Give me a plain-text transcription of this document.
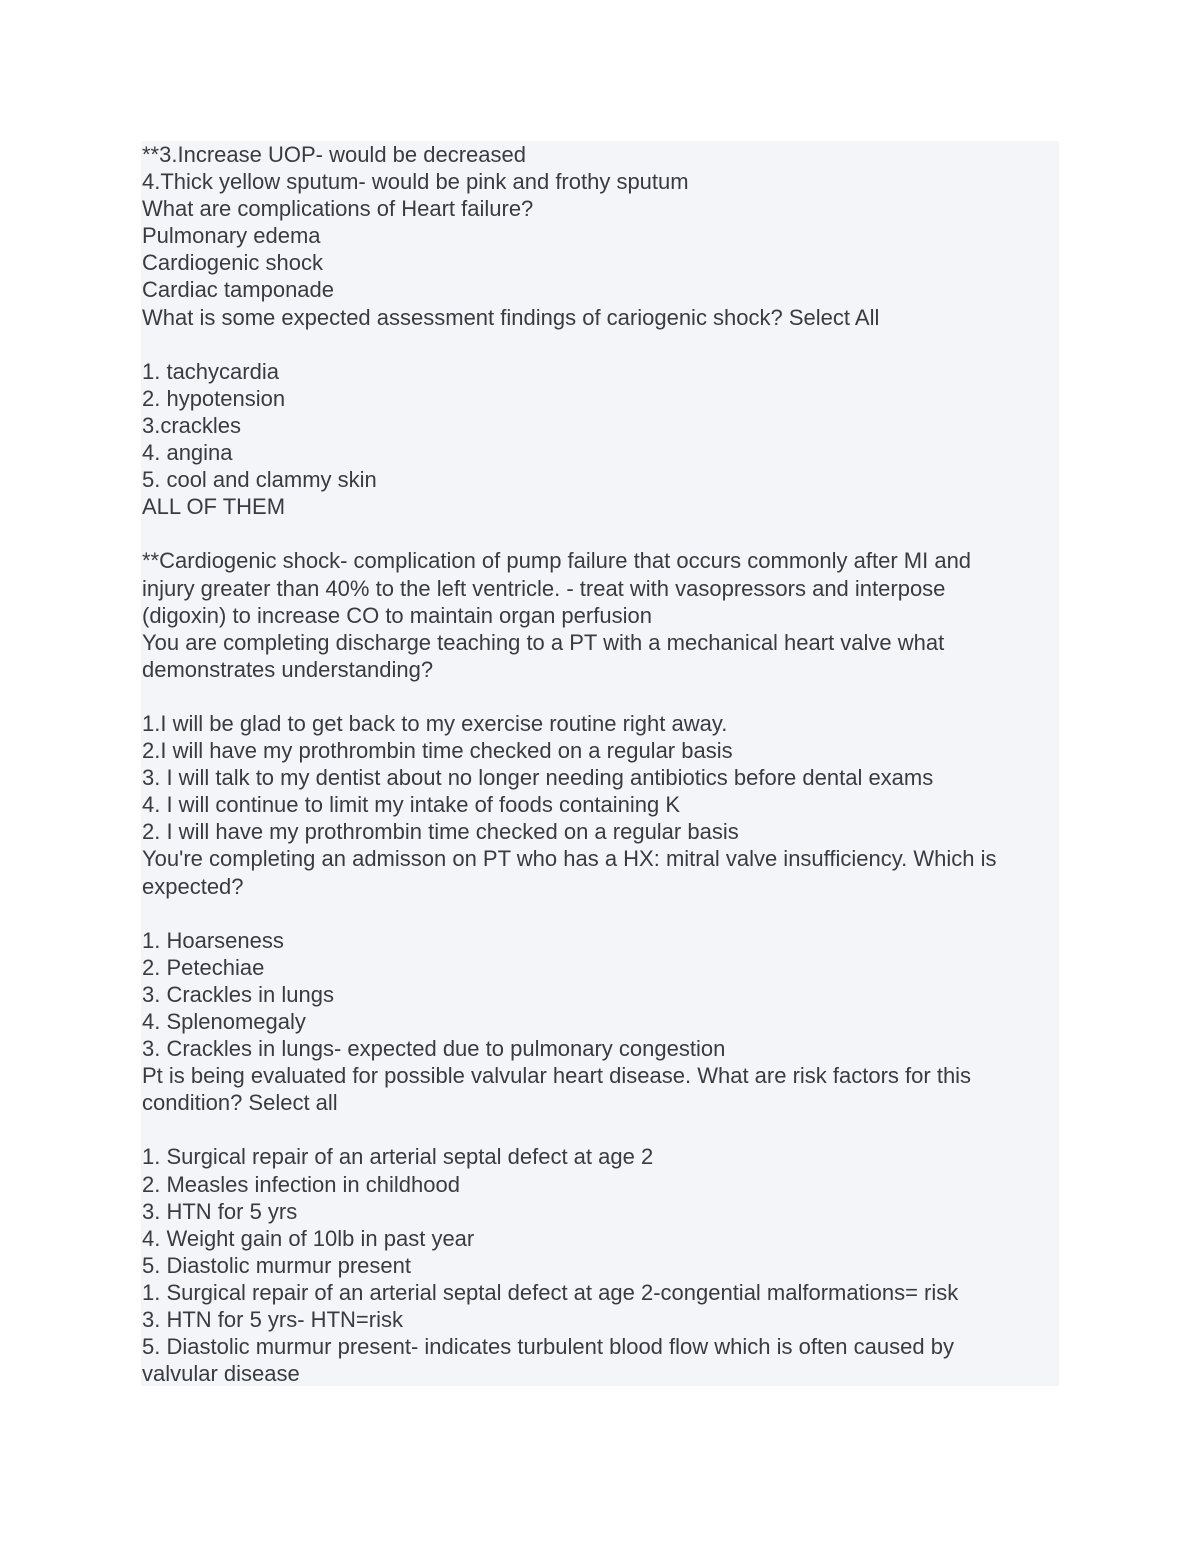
**3.Increase UOP- would be decreased
4.Thick yellow sputum- would be pink and frothy sputum
What are complications of Heart failure?
Pulmonary edema
Cardiogenic shock
Cardiac tamponade
What is some expected assessment findings of cariogenic shock? Select All
1. tachycardia
2. hypotension
3.crackles
4. angina
5. cool and clammy skin
ALL OF THEM
**Cardiogenic shock- complication of pump failure that occurs commonly after MI and
injury greater than 40% to the left ventricle. - treat with vasopressors and interpose
(digoxin) to increase CO to maintain organ perfusion
You are completing discharge teaching to a PT with a mechanical heart valve what
demonstrates understanding?
1.I will be glad to get back to my exercise routine right away.
2.I will have my prothrombin time checked on a regular basis
3. I will talk to my dentist about no longer needing antibiotics before dental exams
4. I will continue to limit my intake of foods containing K
2. I will have my prothrombin time checked on a regular basis
You're completing an admisson on PT who has a HX: mitral valve insufficiency. Which is
expected?
1. Hoarseness
2. Petechiae
3. Crackles in lungs
4. Splenomegaly
3. Crackles in lungs- expected due to pulmonary congestion
Pt is being evaluated for possible valvular heart disease. What are risk factors for this
condition? Select all
1. Surgical repair of an arterial septal defect at age 2
2. Measles infection in childhood
3. HTN for 5 yrs
4. Weight gain of 10lb in past year
5. Diastolic murmur present
1. Surgical repair of an arterial septal defect at age 2-congential malformations= risk
3. HTN for 5 yrs- HTN=risk
5. Diastolic murmur present- indicates turbulent blood flow which is often caused by
valvular disease
